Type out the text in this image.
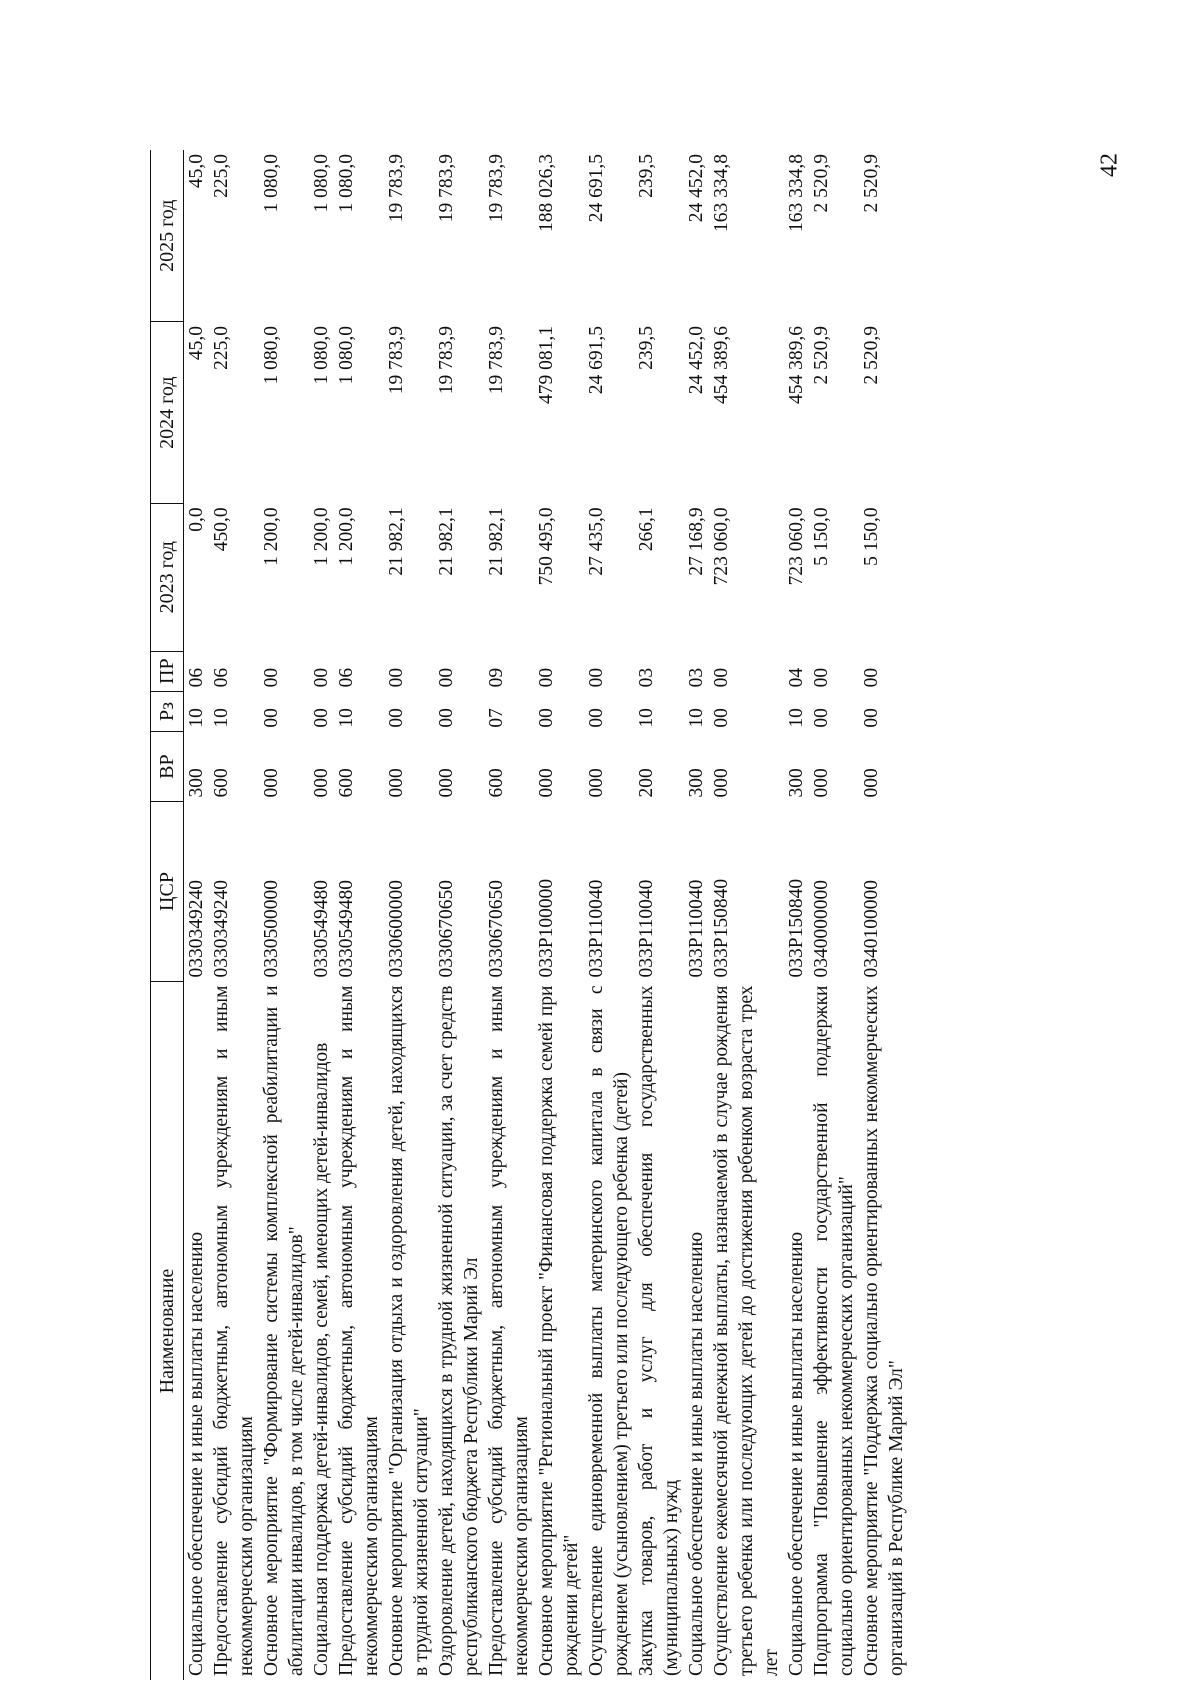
42
Наименование	ЦСР	ВР	Рз	ПР	2023 год	2024 год	2025 год
Социальное обеспечение и иные выплаты населению	0330349240	300	10	06	0,0	45,0	45,0
Предоставление субсидий бюджетным, автономным учреждениям и иным некоммерческим организациям	0330349240	600	10	06	450,0	225,0	225,0
Основное мероприятие "Формирование системы комплексной реабилитации и абилитации инвалидов, в том числе детей-инвалидов"	0330500000	000	00	00	1 200,0	1 080,0	1 080,0
Социальная поддержка детей-инвалидов, семей, имеющих детей-инвалидов	0330549480	000	00	00	1 200,0	1 080,0	1 080,0
Предоставление субсидий бюджетным, автономным учреждениям и иным некоммерческим организациям	0330549480	600	10	06	1 200,0	1 080,0	1 080,0
Основное мероприятие "Организация отдыха и оздоровления детей, находящихся в трудной жизненной ситуации"	0330600000	000	00	00	21 982,1	19 783,9	19 783,9
Оздоровление детей, находящихся в трудной жизненной ситуации, за счет средств республиканского бюджета Республики Марий Эл	0330670650	000	00	00	21 982,1	19 783,9	19 783,9
Предоставление субсидий бюджетным, автономным учреждениям и иным некоммерческим организациям	0330670650	600	07	09	21 982,1	19 783,9	19 783,9
Основное мероприятие "Региональный проект "Финансовая поддержка семей при рождении детей"	033P100000	000	00	00	750 495,0	479 081,1	188 026,3
Осуществление единовременной выплаты материнского капитала в связи с рождением (усыновлением) третьего или последующего ребенка (детей)	033P110040	000	00	00	27 435,0	24 691,5	24 691,5
Закупка товаров, работ и услуг для обеспечения государственных (муниципальных) нужд	033P110040	200	10	03	266,1	239,5	239,5
Социальное обеспечение и иные выплаты населению	033P110040	300	10	03	27 168,9	24 452,0	24 452,0
Осуществление ежемесячной денежной выплаты, назначаемой в случае рождения третьего ребенка или последующих детей до достижения ребенком возраста трех лет	033P150840	000	00	00	723 060,0	454 389,6	163 334,8
Социальное обеспечение и иные выплаты населению	033P150840	300	10	04	723 060,0	454 389,6	163 334,8
Подпрограмма "Повышение эффективности государственной поддержки социально ориентированных некоммерческих организаций"	0340000000	000	00	00	5 150,0	2 520,9	2 520,9
Основное мероприятие "Поддержка социально ориентированных некоммерческих организаций в Республике Марий Эл"	0340100000	000	00	00	5 150,0	2 520,9	2 520,9
